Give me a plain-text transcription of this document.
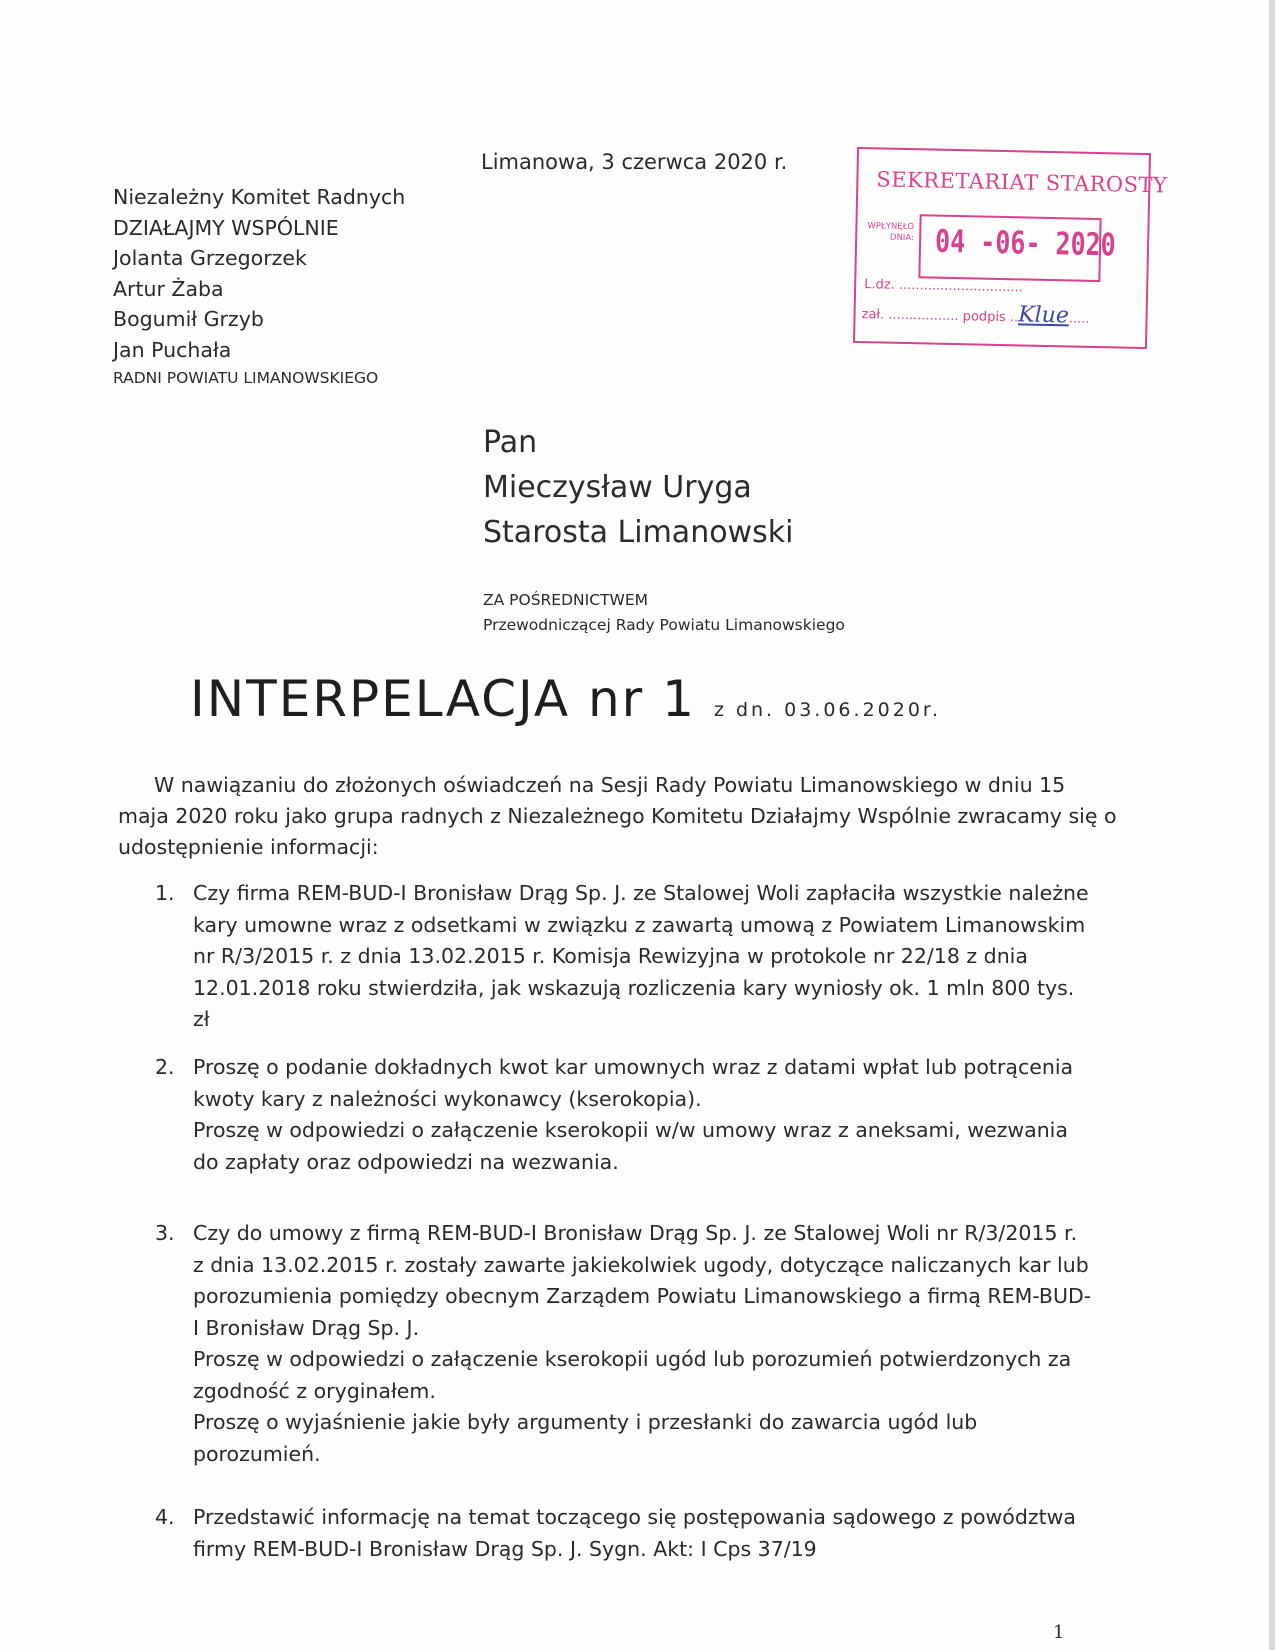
Limanowa, 3 czerwca 2020 r.
Niezależny Komitet Radnych
DZIAŁAJMY WSPÓLNIE
Jolanta Grzegorzek
Artur Żaba
Bogumił Grzyb
Jan Puchała
RADNI POWIATU LIMANOWSKIEGO
SEKRETARIAT STAROSTY
WPŁYNĘŁO
DNIA: 04 -06- 2020
L.dz. ..............................
zał. ................. podpis ..Klue.....
Pan
Mieczysław Uryga
Starosta Limanowski
ZA POŚREDNICTWEM
Przewodniczącej Rady Powiatu Limanowskiego
INTERPELACJA nr 1 z dn. 03.06.2020r.
W nawiązaniu do złożonych oświadczeń na Sesji Rady Powiatu Limanowskiego w dniu 15 maja 2020 roku jako grupa radnych z Niezależnego Komitetu Działajmy Wspólnie zwracamy się o udostępnienie informacji:
1. Czy firma REM-BUD-I Bronisław Drąg Sp. J. ze Stalowej Woli zapłaciła wszystkie należne kary umowne wraz z odsetkami w związku z zawartą umową z Powiatem Limanowskim nr R/3/2015 r. z dnia 13.02.2015 r. Komisja Rewizyjna w protokole nr 22/18 z dnia 12.01.2018 roku stwierdziła, jak wskazują rozliczenia kary wyniosły ok. 1 mln 800 tys. zł

2. Proszę o podanie dokładnych kwot kar umownych wraz z datami wpłat lub potrącenia kwoty kary z należności wykonawcy (kserokopia).

Proszę w odpowiedzi o załączenie kserokopii w/w umowy wraz z aneksami, wezwania do zapłaty oraz odpowiedzi na wezwania.

3. Czy do umowy z firmą REM-BUD-I Bronisław Drąg Sp. J. ze Stalowej Woli nr R/3/2015 r. z dnia 13.02.2015 r. zostały zawarte jakiekolwiek ugody, dotyczące naliczanych kar lub porozumienia pomiędzy obecnym Zarządem Powiatu Limanowskiego a firmą REM-BUD-I Bronisław Drąg Sp. J.

Proszę w odpowiedzi o załączenie kserokopii ugód lub porozumień potwierdzonych za zgodność z oryginałem.

Proszę o wyjaśnienie jakie były argumenty i przesłanki do zawarcia ugód lub porozumień.

4. Przedstawić informację na temat toczącego się postępowania sądowego z powództwa firmy REM-BUD-I Bronisław Drąg Sp. J. Sygn. Akt: I Cps 37/19

1
